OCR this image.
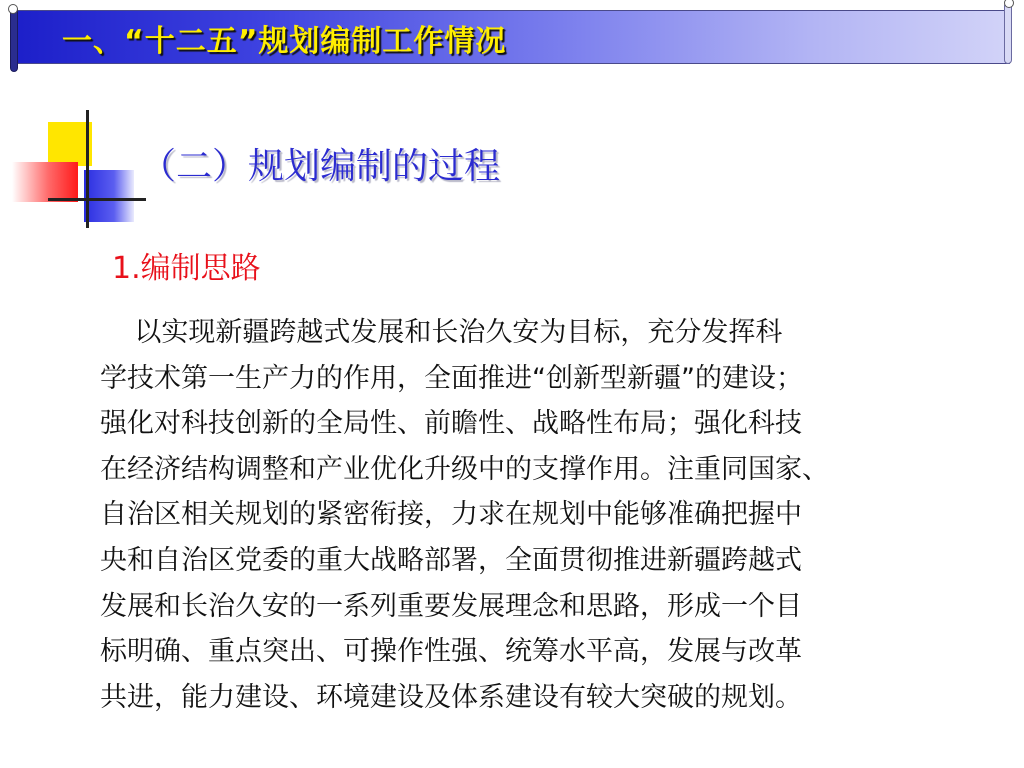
一、“十二五”规划编制工作情况
（二）规划编制的过程
1.编制思路
以实现新疆跨越式发展和长治久安为目标，充分发挥科
学技术第一生产力的作用，全面推进“创新型新疆”的建设；
强化对科技创新的全局性、前瞻性、战略性布局；强化科技
在经济结构调整和产业优化升级中的支撑作用。注重同国家、
自治区相关规划的紧密衔接，力求在规划中能够准确把握中
央和自治区党委的重大战略部署，全面贯彻推进新疆跨越式
发展和长治久安的一系列重要发展理念和思路，形成一个目
标明确、重点突出、可操作性强、统筹水平高，发展与改革
共进，能力建设、环境建设及体系建设有较大突破的规划。
